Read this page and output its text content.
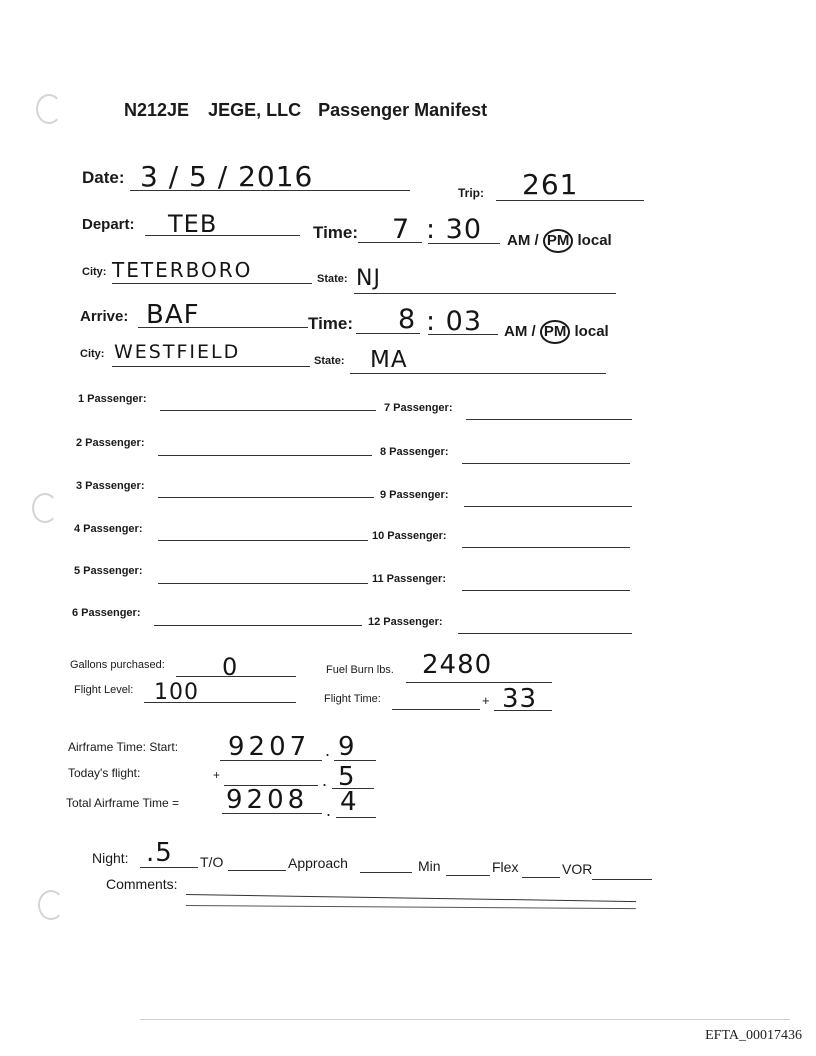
N212JE JEGE, LLC Passenger Manifest
Date: 3 / 5 / 2016	Trip: 261
Depart: TEB	Time: 7 : 30 AM / PM local
City: TETERBORO	State: NJ
Arrive: BAF	Time: 8 : 03 AM / PM local
City: WESTFIELD	State: MA
1 Passenger:
2 Passenger:
3 Passenger:
4 Passenger:
5 Passenger:
6 Passenger:
7 Passenger:
8 Passenger:
9 Passenger:
10 Passenger:
11 Passenger:
12 Passenger:
Gallons purchased: 0	Fuel Burn lbs. 2480
Flight Level: 100	Flight Time:	+ 33
Airframe Time: Start: 9207 . 9
Today's flight:	+	. 5
Total Airframe Time = 9208 . 4
Night: .5 T/O	Approach	Min	Flex	VOR
Comments:
EFTA_00017436
